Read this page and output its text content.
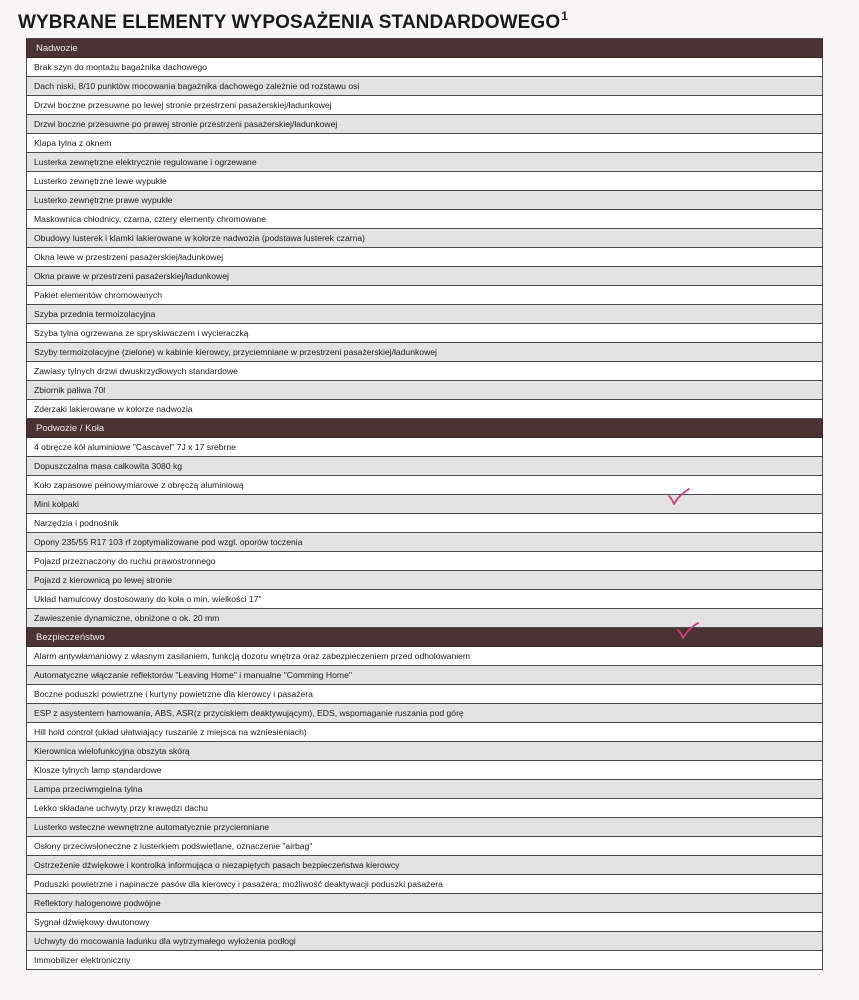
WYBRANE ELEMENTY WYPOSAŻENIA STANDARDOWEGO$^1$
Nadwozie
Brak szyn do montażu bagażnika dachowego
Dach niski, 8/10 punktów mocowania bagażnika dachowego zależnie od rozstawu osi
Drzwi boczne przesuwne po lewej stronie przestrzeni pasażerskiej/ładunkowej
Drzwi boczne przesuwne po prawej stronie przestrzeni pasażerskiej/ładunkowej
Klapa tylna z oknem
Lusterka zewnętrzne elektrycznie regulowane i ogrzewane
Lusterko zewnętrzne lewe wypukłe
Lusterko zewnętrzne prawe wypukłe
Maskownica chłodnicy, czarna, cztery elementy chromowane
Obudowy lusterek i klamki lakierowane w kolorze nadwozia (podstawa lusterek czarna)
Okna lewe w przestrzeni pasażerskiej/ładunkowej
Okna prawe w przestrzeni pasażerskiej/ładunkowej
Pakiet elementów chromowanych
Szyba przednia termoizolacyjna
Szyba tylna ogrzewana ze spryskiwaczem i wycieraczką
Szyby termoizolacyjne (zielone) w kabinie kierowcy, przyciemniane w przestrzeni pasażerskiej/ładunkowej
Zawiasy tylnych drzwi dwuskrzydłowych standardowe
Zbiornik paliwa 70l
Zderzaki lakierowane w kolorze nadwozia
Podwozie / Koła
4 obręcze kół aluminiowe "Cascavel" 7J x 17 srebrne
Dopuszczalna masa całkowita 3080 kg
Koło zapasowe pełnowymiarowe z obręczą aluminiową
Mini kołpaki
Narzędzia i podnośnik
Opony 235/55 R17 103 rf zoptymalizowane pod wzgl. oporów toczenia
Pojazd przeznaczony do ruchu prawostronnego
Pojazd z kierownicą po lewej stronie
Układ hamulcowy dostosowany do koła o min. wielkości 17"
Zawieszenie dynamiczne, obniżone o ok. 20 mm
Bezpieczeństwo
Alarm antywłamaniowy z własnym zasilaniem, funkcją dozoru wnętrza oraz zabezpieczeniem przed odholowaniem
Automatyczne włączanie reflektorów "Leaving Home" i manualne "Comming Home"
Boczne poduszki powietrzne i kurtyny powietrzne dla kierowcy i pasażera
ESP z asystentem hamowania, ABS, ASR(z przyciskiem deaktywującym), EDS, wspomaganie ruszania pod górę
Hill hold control (układ ułatwiający ruszanie z miejsca na wzniesieniach)
Kierownica wielofunkcyjna obszyta skórą
Klosze tylnych lamp standardowe
Lampa przeciwmgielna tylna
Lekko składane uchwyty przy krawędzi dachu
Lusterko wsteczne wewnętrzne automatycznie przyciemniane
Osłony przeciwsłoneczne z lusterkiem podświetlane, oznaczenie "airbag"
Ostrzeżenie dźwiękowe i kontrolka informująca o niezapiętych pasach bezpieczeństwa kierowcy
Poduszki powietrzne i napinacze pasów dla kierowcy i pasażera; możliwość deaktywacji poduszki pasażera
Reflektory halogenowe podwójne
Sygnał dźwiękowy dwutonowy
Uchwyty do mocowania ładunku dla wytrzymałego wyłożenia podłogi
Immobilizer elektroniczny
